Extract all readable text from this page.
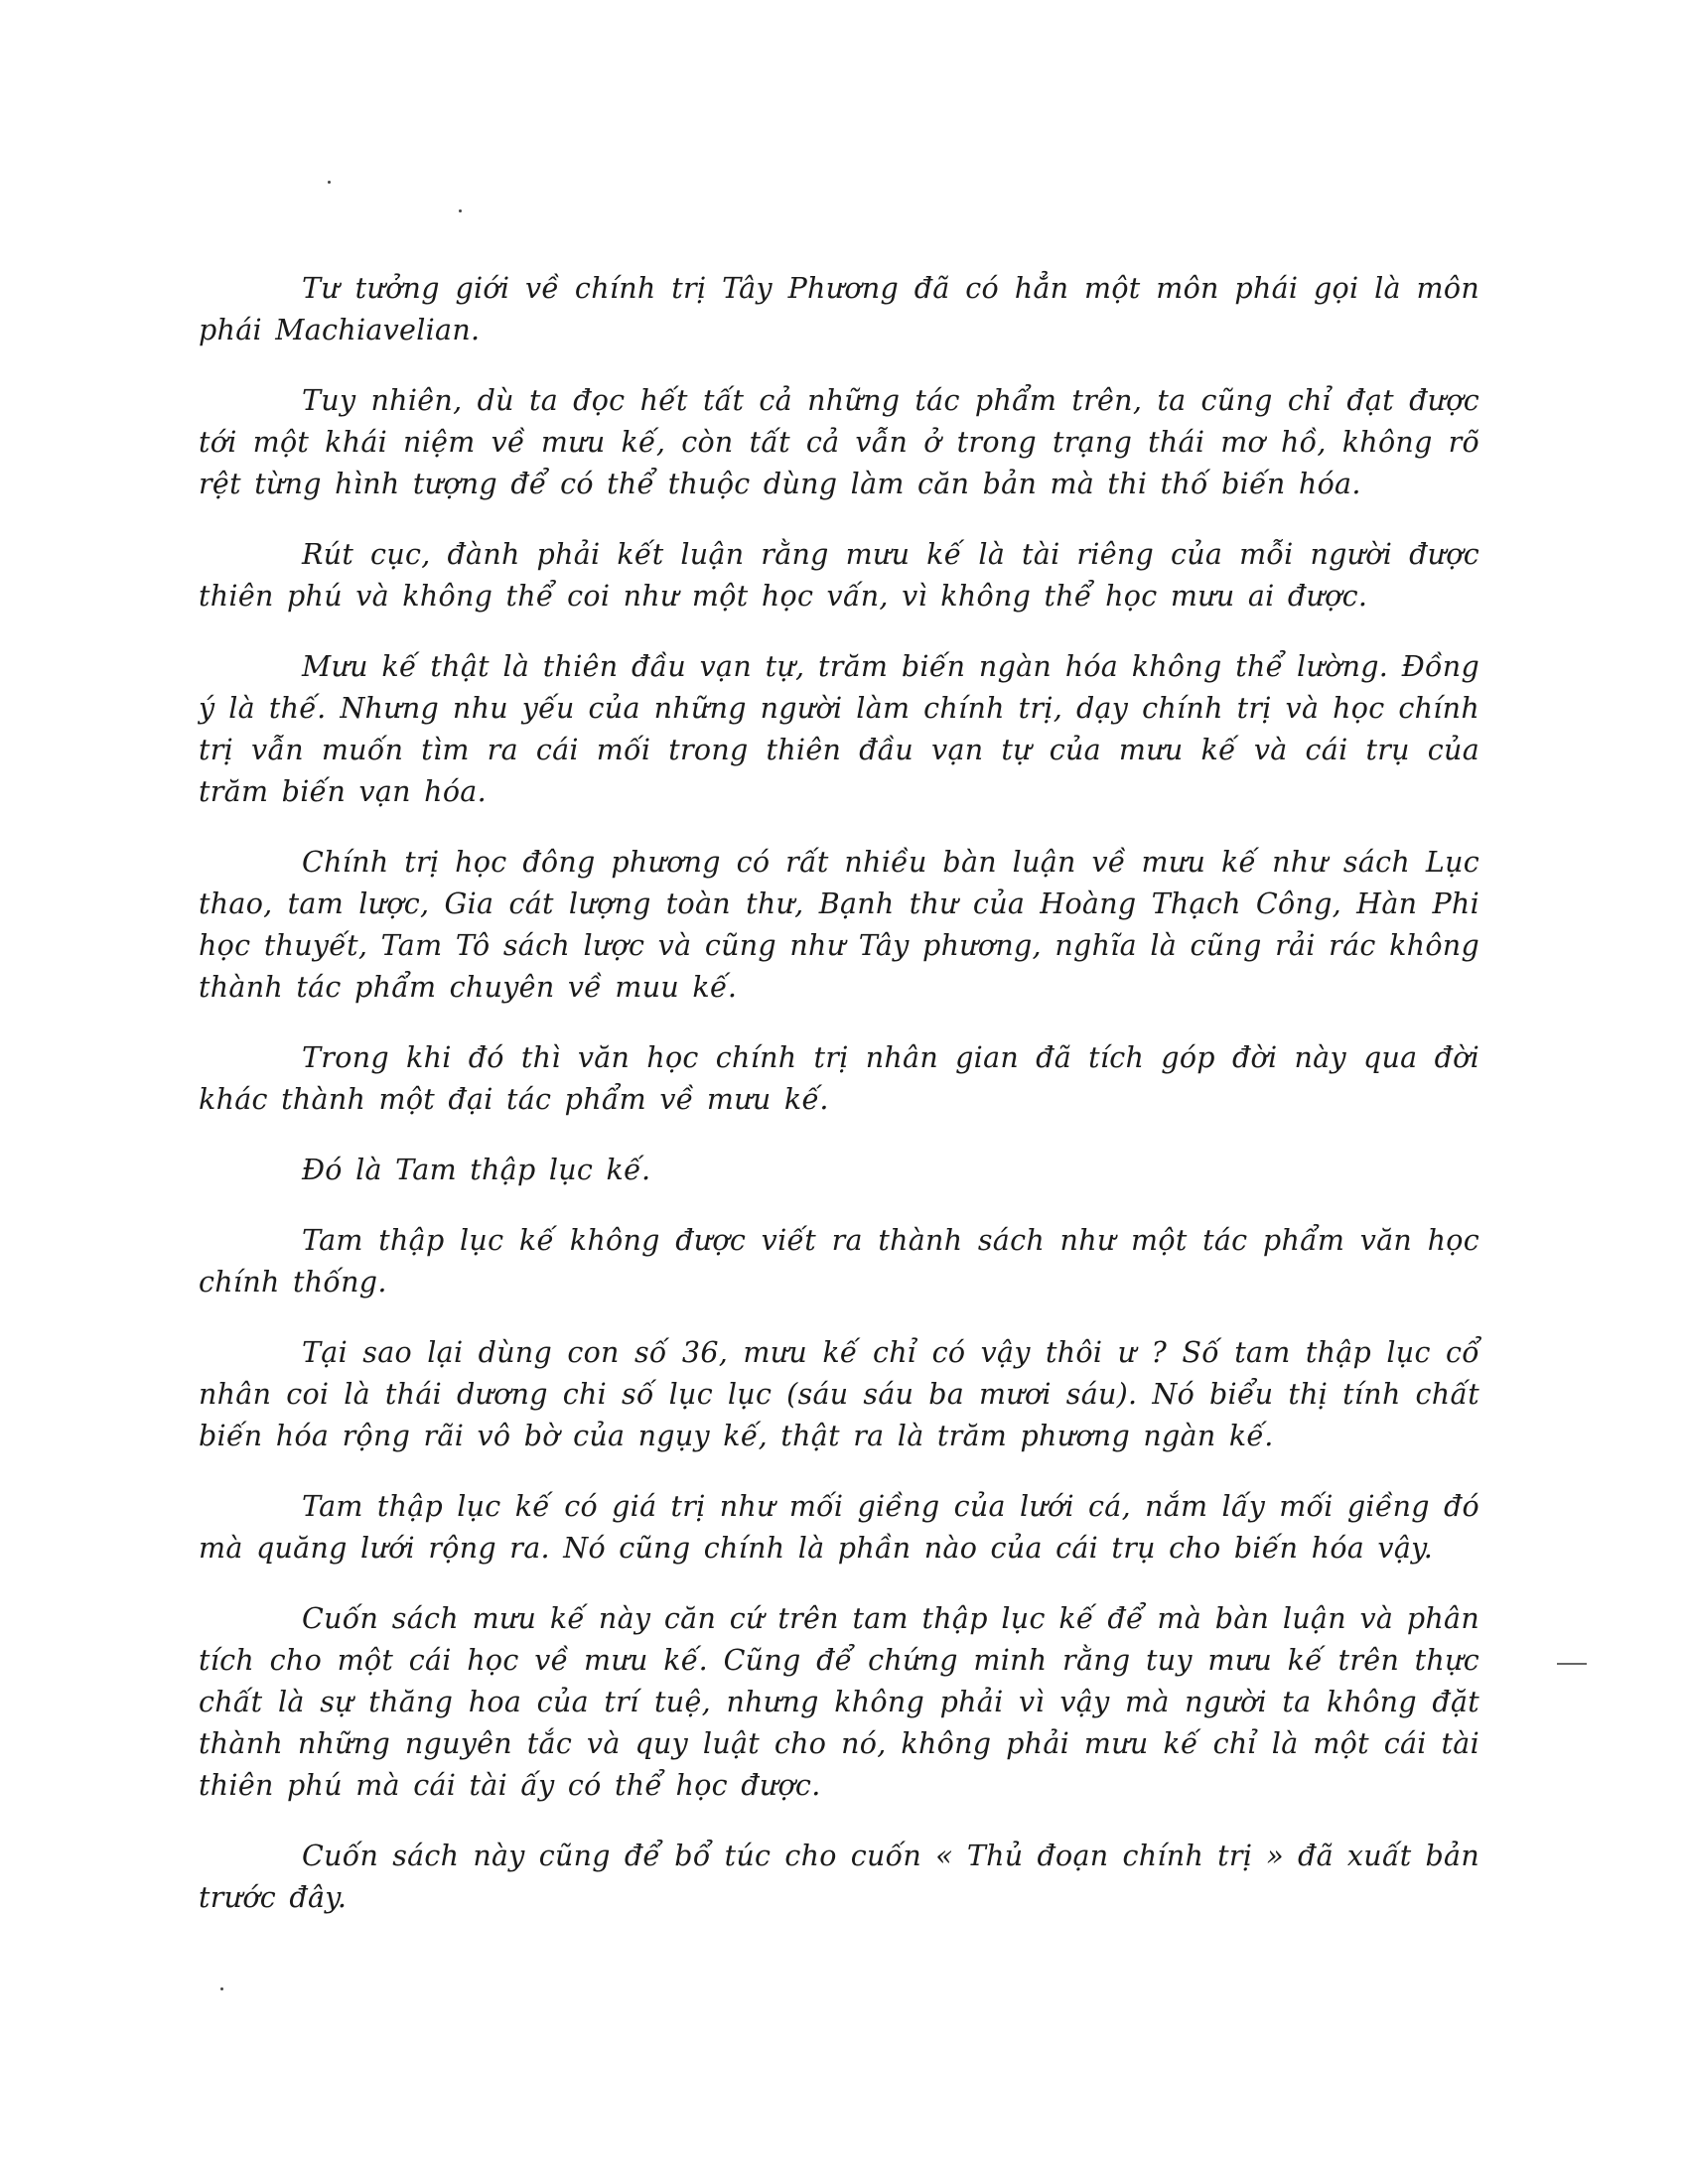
Tư tưởng giới về chính trị Tây Phương đã có hẳn một môn phái gọi là môn phái Machiavelian.

Tuy nhiên, dù ta đọc hết tất cả những tác phẩm trên, ta cũng chỉ đạt được tới một khái niệm về mưu kế, còn tất cả vẫn ở trong trạng thái mơ hồ, không rõ rệt từng hình tượng để có thể thuộc dùng làm căn bản mà thi thố biến hóa.

Rút cục, đành phải kết luận rằng mưu kế là tài riêng của mỗi người được thiên phú và không thể coi như một học vấn, vì không thể học mưu ai được.

Mưu kế thật là thiên đầu vạn tự, trăm biến ngàn hóa không thể lường. Đồng ý là thế. Nhưng nhu yếu của những người làm chính trị, dạy chính trị và học chính trị vẫn muốn tìm ra cái mối trong thiên đầu vạn tự của mưu kế và cái trụ của trăm biến vạn hóa.

Chính trị học đông phương có rất nhiều bàn luận về mưu kế như sách Lục thao, tam lược, Gia cát lượng toàn thư, Bạnh thư của Hoàng Thạch Công, Hàn Phi học thuyết, Tam Tô sách lược và cũng như Tây phương, nghĩa là cũng rải rác không thành tác phẩm chuyên về muu kế.

Trong khi đó thì văn học chính trị nhân gian đã tích góp đời này qua đời khác thành một đại tác phẩm về mưu kế.

Đó là Tam thập lục kế.

Tam thập lục kế không được viết ra thành sách như một tác phẩm văn học chính thống.

Tại sao lại dùng con số 36, mưu kế chỉ có vậy thôi ư ? Số tam thập lục cổ nhân coi là thái dương chi số lục lục (sáu sáu ba mươi sáu). Nó biểu thị tính chất biến hóa rộng rãi vô bờ của ngụy kế, thật ra là trăm phương ngàn kế.

Tam thập lục kế có giá trị như mối giềng của lưới cá, nắm lấy mối giềng đó mà quăng lưới rộng ra. Nó cũng chính là phần nào của cái trụ cho biến hóa vậy.

Cuốn sách mưu kế này căn cứ trên tam thập lục kế để mà bàn luận và phân tích cho một cái học về mưu kế. Cũng để chứng minh rằng tuy mưu kế trên thực chất là sự thăng hoa của trí tuệ, nhưng không phải vì vậy mà người ta không đặt thành những nguyên tắc và quy luật cho nó, không phải mưu kế chỉ là một cái tài thiên phú mà cái tài ấy có thể học được.

Cuốn sách này cũng để bổ túc cho cuốn « Thủ đoạn chính trị » đã xuất bản trước đây.
